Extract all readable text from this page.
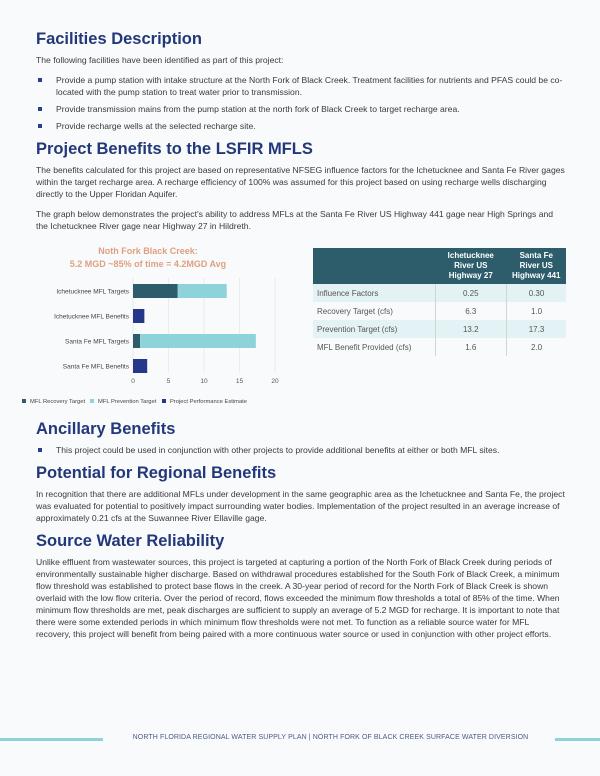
Facilities Description

The following facilities have been identified as part of this project:

Provide a pump station with intake structure at the North Fork of Black Creek. Treatment facilities for nutrients and PFAS could be co-located with the pump station to treat water prior to transmission.
Provide transmission mains from the pump station at the north fork of Black Creek to target recharge area.
Provide recharge wells at the selected recharge site.
Project Benefits to the LSFIR MFLS

The benefits calculated for this project are based on representative NFSEG influence factors for the Ichetucknee and Santa Fe River gages within the target recharge area. A recharge efficiency of 100% was assumed for this project based on using recharge wells discharging directly to the Upper Floridan Aquifer.

The graph below demonstrates the project's ability to address MFLs at the Santa Fe River US Highway 441 gage near High Springs and the Ichetucknee River gage near Highway 27 in Hildreth.

Noth Fork Black Creek:
5.2 MGD ~85% of time = 4.2MGD Avg
0	5	10	15	20
Ichetucknee MFL Targets
Ichetucknee MFL Benefits
Santa Fe MFL Targets
Santa Fe MFL Benefits
MFL Recovery Target MFL Prevention Target Project Performance Estimate
	Ichetucknee River US Highway 27	Santa Fe River US Highway 441
Influence Factors	0.25	0.30
Recovery Target (cfs)	6.3	1.0
Prevention Target (cfs)	13.2	17.3
MFL Benefit Provided (cfs)	1.6	2.0
Ancillary Benefits
This project could be used in conjunction with other projects to provide additional benefits at either or both MFL sites.
Potential for Regional Benefits

In recognition that there are additional MFLs under development in the same geographic area as the Ichetucknee and Santa Fe, the project was evaluated for potential to positively impact surrounding water bodies. Implementation of the project resulted in an average increase of approximately 0.21 cfs at the Suwannee River Ellaville gage.

Source Water Reliability

Unlike effluent from wastewater sources, this project is targeted at capturing a portion of the North Fork of Black Creek during periods of environmentally sustainable higher discharge. Based on withdrawal procedures established for the South Fork of Black Creek, a minimum flow threshold was established to protect base flows in the creek. A 30-year period of record for the North Fork of Black Creek is shown overlaid with the low flow criteria. Over the period of record, flows exceeded the minimum flow thresholds a total of 85% of the time. When minimum flow thresholds are met, peak discharges are sufficient to supply an average of 5.2 MGD for recharge. It is important to note that there were some extended periods in which minimum flow thresholds were not met. To function as a reliable source water for MFL recovery, this project will benefit from being paired with a more continuous water source or used in conjunction with other project efforts.

NORTH FLORIDA REGIONAL WATER SUPPLY PLAN | NORTH FORK OF BLACK CREEK SURFACE WATER DIVERSION
